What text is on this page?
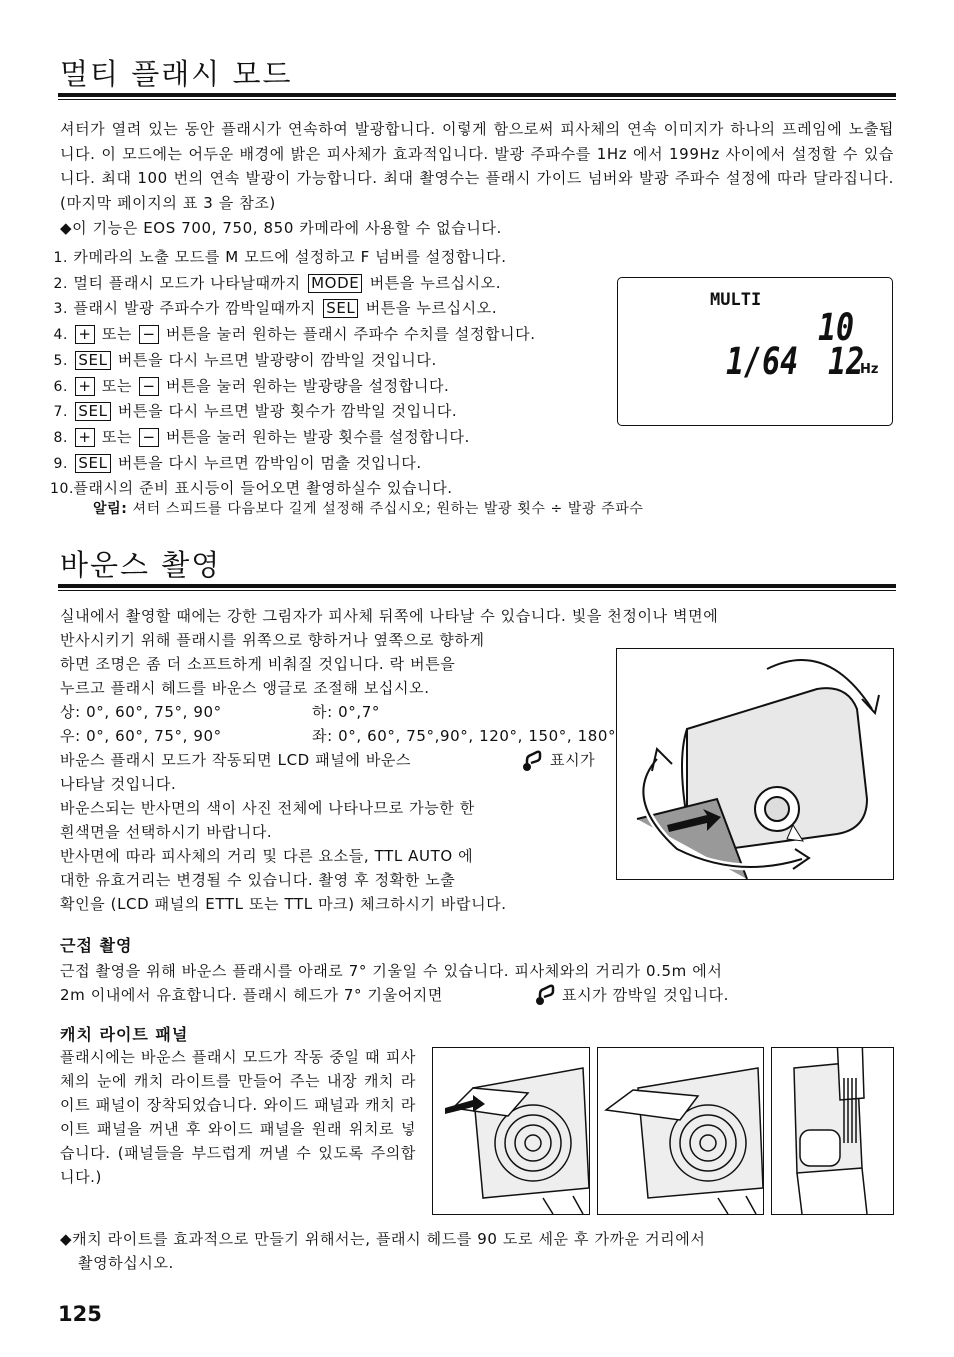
멀티 플래시 모드
셔터가 열려 있는 동안 플래시가 연속하여 발광합니다. 이렇게 함으로써 피사체의 연속 이미지가 하나의 프레임에 노출됩니다. 이 모드에는 어두운 배경에 밝은 피사체가 효과적입니다. 발광 주파수를 1Hz 에서 199Hz 사이에서 설정할 수 있습니다. 최대 100 번의 연속 발광이 가능합니다. 최대 촬영수는 플래시 가이드 넘버와 발광 주파수 설정에 따라 달라집니다. (마지막 페이지의 표 3 을 참조)
◆이 기능은 EOS 700, 750, 850 카메라에 사용할 수 없습니다.
1. 카메라의 노출 모드를 M 모드에 설정하고 F 넘버를 설정합니다.
2. 멀티 플래시 모드가 나타날때까지 MODE 버튼을 누르십시오.
3. 플래시 발광 주파수가 깜박일때까지 SEL 버튼을 누르십시오.
4. + 또는 − 버튼을 눌러 원하는 플래시 주파수 수치를 설정합니다.
5. SEL 버튼을 다시 누르면 발광량이 깜박일 것입니다.
6. + 또는 − 버튼을 눌러 원하는 발광량을 설정합니다.
7. SEL 버튼을 다시 누르면 발광 횟수가 깜박일 것입니다.
8. + 또는 − 버튼을 눌러 원하는 발광 횟수를 설정합니다.
9. SEL 버튼을 다시 누르면 깜박임이 멈출 것입니다.
10. 플래시의 준비 표시등이 들어오면 촬영하실수 있습니다.
알림: 셔터 스피드를 다음보다 길게 설정해 주십시오; 원하는 발광 횟수 ÷ 발광 주파수
MULTI
10
1/64 12
Hz
바운스 촬영
실내에서 촬영할 때에는 강한 그림자가 피사체 뒤쪽에 나타날 수 있습니다. 빛을 천정이나 벽면에
반사시키기 위해 플래시를 위쪽으로 향하거나 옆쪽으로 향하게
하면 조명은 좀 더 소프트하게 비춰질 것입니다. 락 버튼을
누르고 플래시 헤드를 바운스 앵글로 조절해 보십시오.
상: 0°, 60°, 75°, 90°	하: 0°,7°
우: 0°, 60°, 75°, 90°	좌: 0°, 60°, 75°,90°, 120°, 150°, 180°
바운스 플래시 모드가 작동되면 LCD 패널에 바운스	표시가
나타날 것입니다.
바운스되는 반사면의 색이 사진 전체에 나타나므로 가능한 한
흰색면을 선택하시기 바랍니다.
반사면에 따라 피사체의 거리 및 다른 요소들, TTL AUTO 에
대한 유효거리는 변경될 수 있습니다. 촬영 후 정확한 노출
확인을 (LCD 패널의 ETTL 또는 TTL 마크) 체크하시기 바랍니다.
근접 촬영
근접 촬영을 위해 바운스 플래시를 아래로 7° 기울일 수 있습니다. 피사체와의 거리가 0.5m 에서
2m 이내에서 유효합니다. 플래시 헤드가 7° 기울어지면	표시가 깜박일 것입니다.
캐치 라이트 패널
플래시에는 바운스 플래시 모드가 작동 중일 때 피사체의 눈에 캐치 라이트를 만들어 주는 내장 캐치 라이트 패널이 장착되었습니다. 와이드 패널과 캐치 라이트 패널을 꺼낸 후 와이드 패널을 원래 위치로 넣습니다. (패널들을 부드럽게 꺼낼 수 있도록 주의합니다.)
◆캐치 라이트를 효과적으로 만들기 위해서는, 플래시 헤드를 90 도로 세운 후 가까운 거리에서
촬영하십시오.
125
